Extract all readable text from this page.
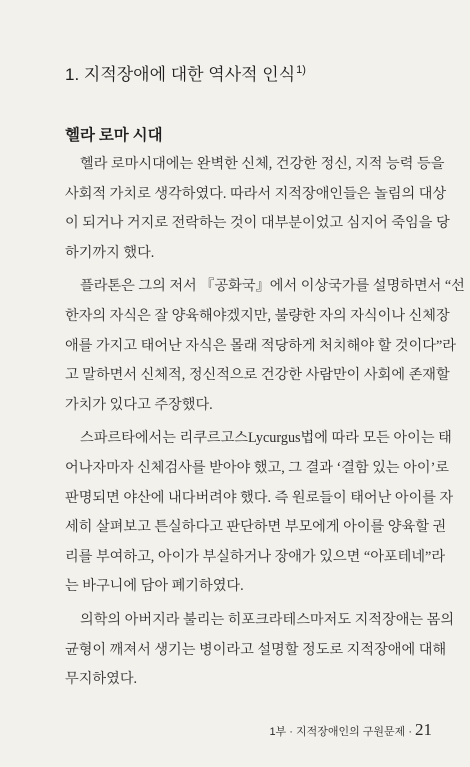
1. 지적장애에 대한 역사적 인식$^{1)}$
헬라 로마 시대
헬라 로마시대에는 완벽한 신체, 건강한 정신, 지적 능력 등을
사회적 가치로 생각하였다. 따라서 지적장애인들은 놀림의 대상
이 되거나 거지로 전락하는 것이 대부분이었고 심지어 죽임을 당
하기까지 했다.
플라톤은 그의 저서 『공화국』에서 이상국가를 설명하면서 “선
한자의 자식은 잘 양육해야겠지만, 불량한 자의 자식이나 신체장
애를 가지고 태어난 자식은 몰래 적당하게 처치해야 할 것이다”라
고 말하면서 신체적, 정신적으로 건강한 사람만이 사회에 존재할
가치가 있다고 주장했다.
스파르타에서는 리쿠르고스Lycurgus법에 따라 모든 아이는 태
어나자마자 신체검사를 받아야 했고, 그 결과 ‘결함 있는 아이’로
판명되면 야산에 내다버려야 했다. 즉 원로들이 태어난 아이를 자
세히 살펴보고 튼실하다고 판단하면 부모에게 아이를 양육할 권
리를 부여하고, 아이가 부실하거나 장애가 있으면 “아포테네”라
는 바구니에 담아 폐기하였다.
의학의 아버지라 불리는 히포크라테스마저도 지적장애는 몸의
균형이 깨져서 생기는 병이라고 설명할 정도로 지적장애에 대해
무지하였다.
1부 · 지적장애인의 구원문제 · 21
